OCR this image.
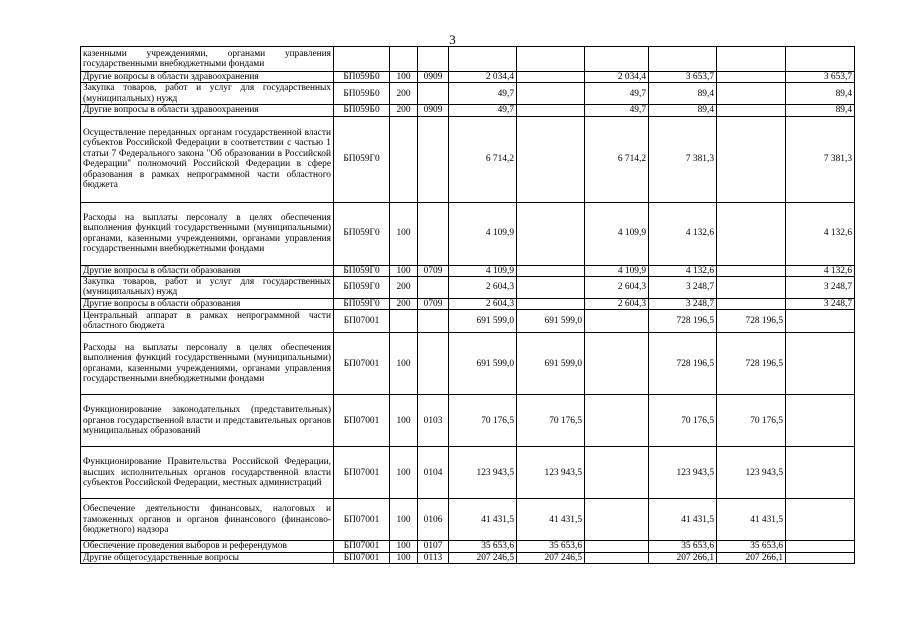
3
казенными учреждениями, органами управления государственными внебюджетными фондами									
Другие вопросы в области здравоохранения	БП059Б0	100	0909	2 034,4		2 034,4	3 653,7		3 653,7
Закупка товаров, работ и услуг для государственных (муниципальных) нужд	БП059Б0	200		49,7		49,7	89,4		89,4
Другие вопросы в области здравоохранения	БП059Б0	200	0909	49,7		49,7	89,4		89,4
Осуществление переданных органам государственной власти субъектов Российской Федерации в соответствии с частью 1 статьи 7 Федерального закона "Об образовании в Российской Федерации" полномочий Российской Федерации в сфере образования в рамках непрограммной части областного бюджета	БП059Г0			6 714,2		6 714,2	7 381,3		7 381,3
Расходы на выплаты персоналу в целях обеспечения выполнения функций государственными (муниципальными) органами, казенными учреждениями, органами управления государственными внебюджетными фондами	БП059Г0	100		4 109,9		4 109,9	4 132,6		4 132,6
Другие вопросы в области образования	БП059Г0	100	0709	4 109,9		4 109,9	4 132,6		4 132,6
Закупка товаров, работ и услуг для государственных (муниципальных) нужд	БП059Г0	200		2 604,3		2 604,3	3 248,7		3 248,7
Другие вопросы в области образования	БП059Г0	200	0709	2 604,3		2 604,3	3 248,7		3 248,7
Центральный аппарат в рамках непрограммной части областного бюджета	БП07001			691 599,0	691 599,0		728 196,5	728 196,5	
Расходы на выплаты персоналу в целях обеспечения выполнения функций государственными (муниципальными) органами, казенными учреждениями, органами управления государственными внебюджетными фондами	БП07001	100		691 599,0	691 599,0		728 196,5	728 196,5	
Функционирование законодательных (представительных) органов государственной власти и представительных органов муниципальных образований	БП07001	100	0103	70 176,5	70 176,5		70 176,5	70 176,5	
Функционирование Правительства Российской Федерации, высших исполнительных органов государственной власти субъектов Российской Федерации, местных администраций	БП07001	100	0104	123 943,5	123 943,5		123 943,5	123 943,5	
Обеспечение деятельности финансовых, налоговых и таможенных органов и органов финансового (финансово-бюджетного) надзора	БП07001	100	0106	41 431,5	41 431,5		41 431,5	41 431,5	
Обеспечение проведения выборов и референдумов	БП07001	100	0107	35 653,6	35 653,6		35 653,6	35 653,6	
Другие общегосударственные вопросы	БП07001	100	0113	207 246,5	207 246,5		207 266,1	207 266,1	
